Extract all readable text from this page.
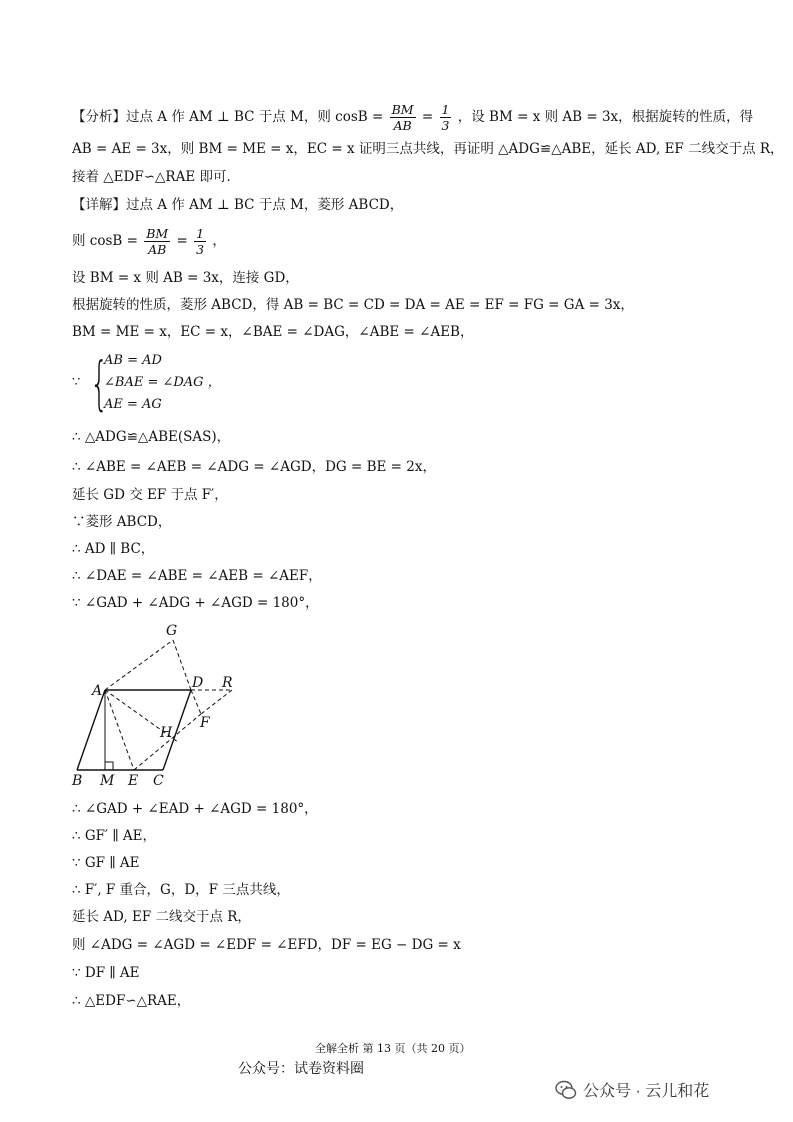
【分析】过点 A 作 AM ⊥ BC 于点 M，则 $\cos B = \frac{BM}{AB} = \frac{1}{3}$ ，设 BM = x 则 AB = 3x，根据旋转的性质，得
AB = AE = 3x，则 BM = ME = x，EC = x 证明三点共线，再证明 △ADG≌△ABE，延长 AD, EF 二线交于点 R，
接着 △EDF∽△RAE 即可．
【详解】过点 A 作 AM ⊥ BC 于点 M，菱形 ABCD，
则 $\cos B = \frac{BM}{AB} = \frac{1}{3}$ ，
设 BM = x 则 AB = 3x，连接 GD，
根据旋转的性质，菱形 ABCD，得 AB = BC = CD = DA = AE = EF = FG = GA = 3x，
BM = ME = x，EC = x，∠BAE = ∠DAG，∠ABE = ∠AEB，
∵ {
AB = AD
∠BAE = ∠DAG ，
AE = AG
∴ △ADG≌△ABE(SAS)，
∴ ∠ABE = ∠AEB = ∠ADG = ∠AGD，DG = BE = 2x，
延长 GD 交 EF 于点 F′，
∵菱形 ABCD，
∴ AD ∥ BC，
∴ ∠DAE = ∠ABE = ∠AEB = ∠AEF，
∵ ∠GAD + ∠ADG + ∠AGD = 180°，
G
A	D R
F
H
B M E C
∴ ∠GAD + ∠EAD + ∠AGD = 180°，
∴ GF′ ∥ AE，
∵ GF ∥ AE
∴ F′, F 重合，G，D，F 三点共线，
延长 AD, EF 二线交于点 R，
则 ∠ADG = ∠AGD = ∠EDF = ∠EFD，DF = EG − DG = x
∵ DF ∥ AE
∴ △EDF∽△RAE，
全解全析 第 13 页（共 20 页）
公众号：试卷资料圈
公众号 · 云儿和花
